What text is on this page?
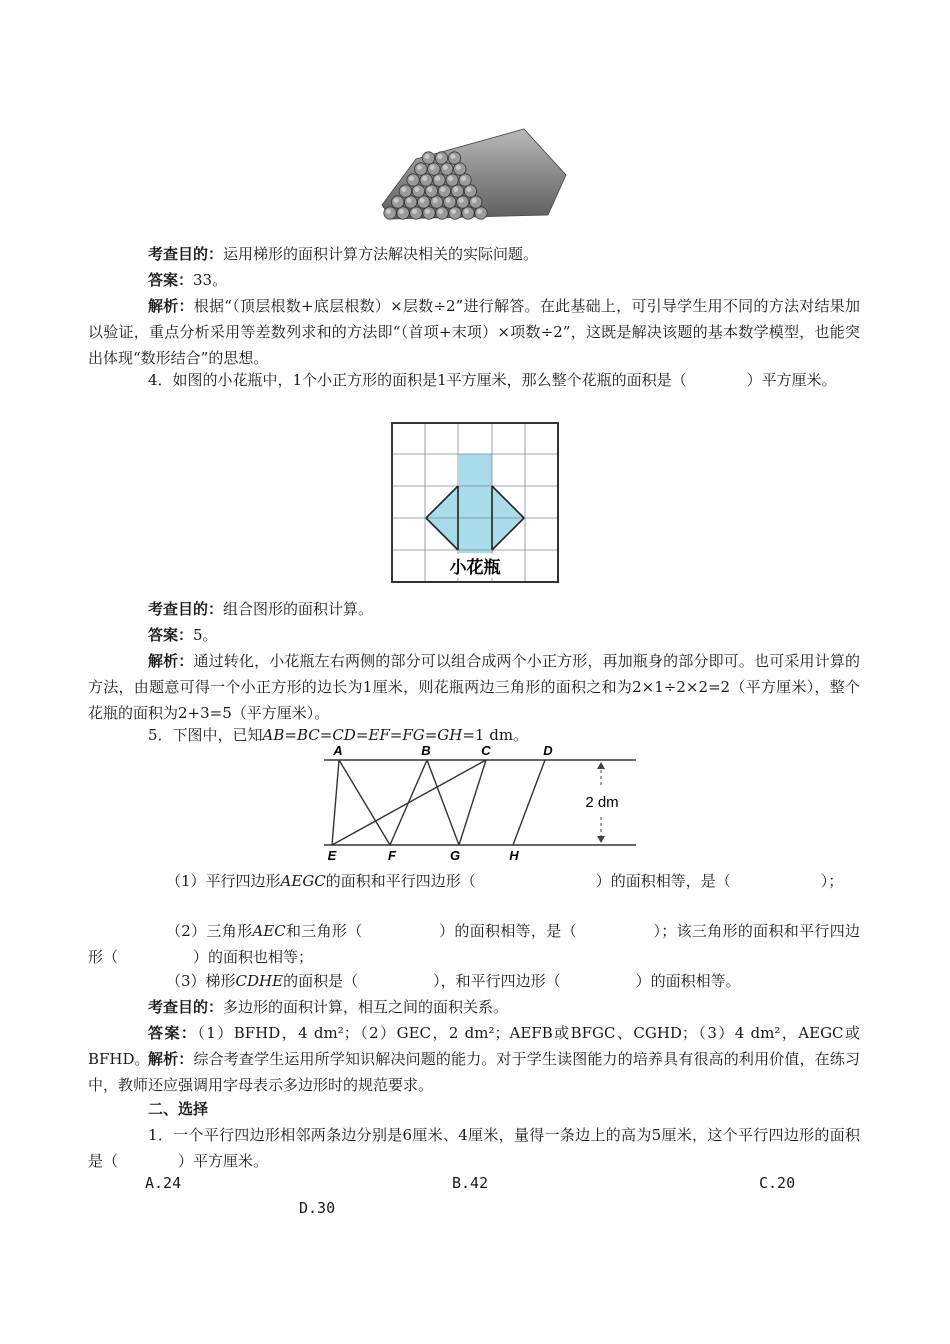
考查目的：运用梯形的面积计算方法解决相关的实际问题。

答案：33。

解析：根据“（顶层根数+底层根数）×层数÷2”进行解答。在此基础上，可引导学生用不同的方法对结果加以验证，重点分析采用等差数列求和的方法即“（首项+末项）×项数÷2”，这既是解决该题的基本数学模型，也能突出体现“数形结合”的思想。

4．如图的小花瓶中，1个小正方形的面积是1平方厘米，那么整个花瓶的面积是（　　　　）平方厘米。

小花瓶

考查目的：组合图形的面积计算。

答案：5。

解析：通过转化，小花瓶左右两侧的部分可以组合成两个小正方形，再加瓶身的部分即可。也可采用计算的方法，由题意可得一个小正方形的边长为1厘米，则花瓶两边三角形的面积之和为2×1÷2×2=2（平方厘米），整个花瓶的面积为2+3=5（平方厘米）。

5．下图中，已知AB=BC=CD=EF=FG=GH=1 dm。

2 dm
A	B	C	D
E	F	G	H

（1）平行四边形AEGC的面积和平行四边形（　　　　　　　　）的面积相等，是（　　　　　　）；

（2）三角形AEC和三角形（　　　　　）的面积相等，是（　　　　　）；该三角形的面积和平行四边形（　　　　　）的面积也相等；

（3）梯形CDHE的面积是（　　　　　），和平行四边形（　　　　　）的面积相等。

考查目的：多边形的面积计算，相互之间的面积关系。

答案：（1）BFHD，4 dm²；（2）GEC，2 dm²；AEFB或BFGC、CGHD；（3）4 dm²，AEGC或BFHD。

解析：综合考查学生运用所学知识解决问题的能力。对于学生读图能力的培养具有很高的利用价值，在练习中，教师还应强调用字母表示多边形时的规范要求。

二、选择

1．一个平行四边形相邻两条边分别是6厘米、4厘米，量得一条边上的高为5厘米，这个平行四边形的面积是（　　　　）平方厘米。

A.24	B.42	C.20
D.30
